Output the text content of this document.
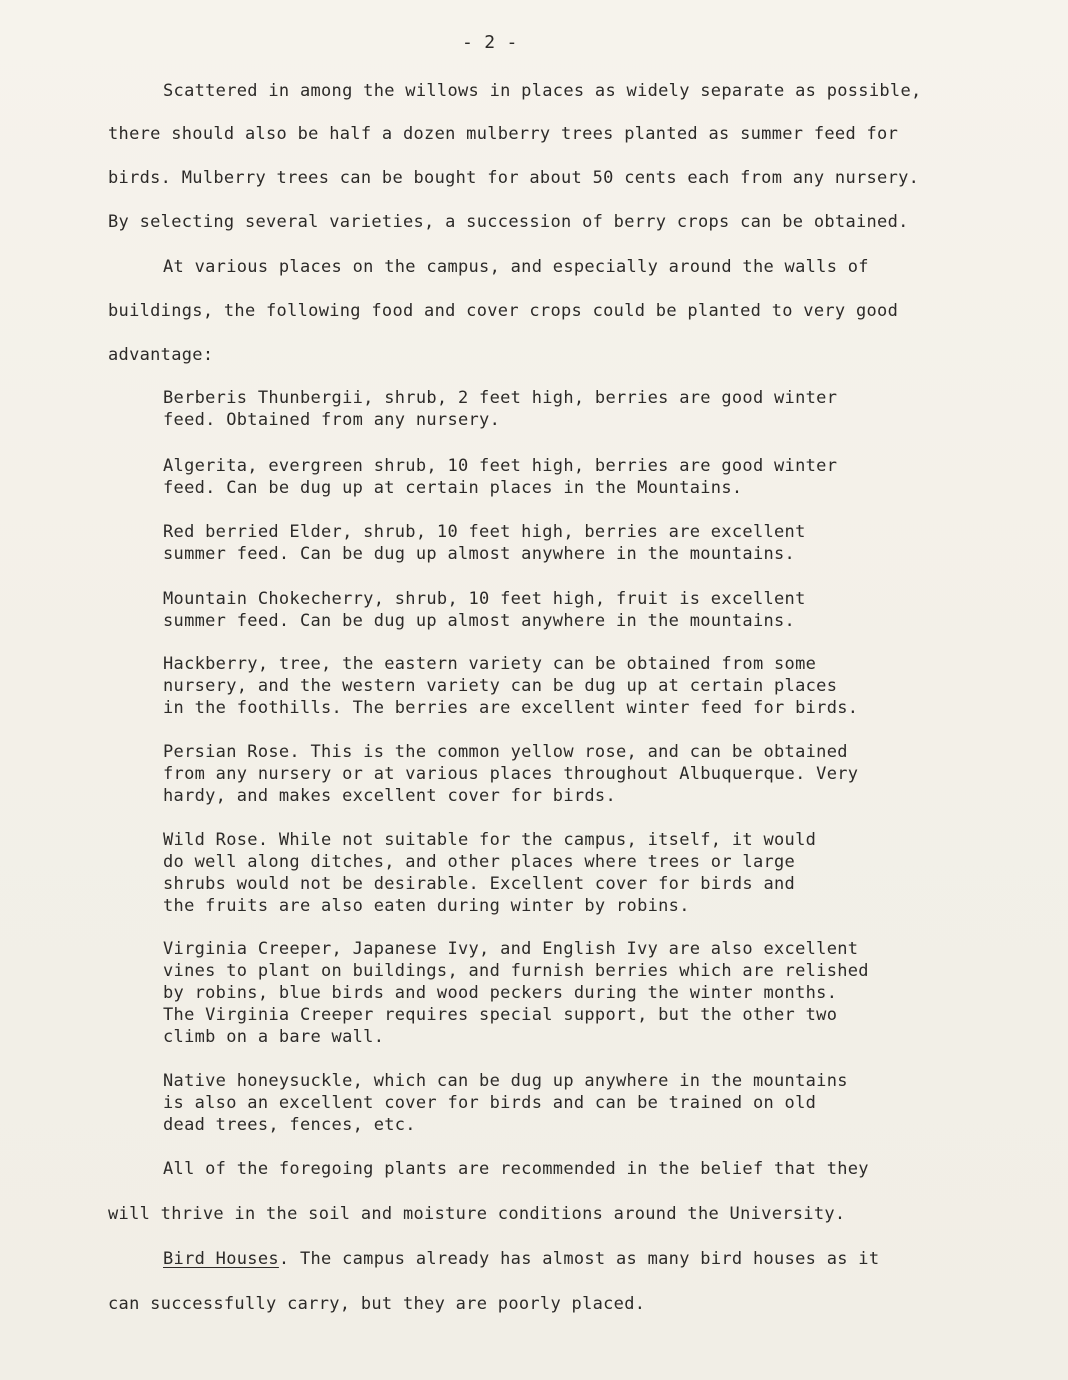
- 2 -
Scattered in among the willows in places as widely separate as possible,
there should also be half a dozen mulberry trees planted as summer feed for
birds. Mulberry trees can be bought for about 50 cents each from any nursery.
By selecting several varieties, a succession of berry crops can be obtained.
At various places on the campus, and especially around the walls of
buildings, the following food and cover crops could be planted to very good
advantage:
Berberis Thunbergii, shrub, 2 feet high, berries are good winter
feed. Obtained from any nursery.
Algerita, evergreen shrub, 10 feet high, berries are good winter
feed. Can be dug up at certain places in the Mountains.
Red berried Elder, shrub, 10 feet high, berries are excellent
summer feed. Can be dug up almost anywhere in the mountains.
Mountain Chokecherry, shrub, 10 feet high, fruit is excellent
summer feed. Can be dug up almost anywhere in the mountains.
Hackberry, tree, the eastern variety can be obtained from some
nursery, and the western variety can be dug up at certain places
in the foothills. The berries are excellent winter feed for birds.
Persian Rose. This is the common yellow rose, and can be obtained
from any nursery or at various places throughout Albuquerque. Very
hardy, and makes excellent cover for birds.
Wild Rose. While not suitable for the campus, itself, it would
do well along ditches, and other places where trees or large
shrubs would not be desirable. Excellent cover for birds and
the fruits are also eaten during winter by robins.
Virginia Creeper, Japanese Ivy, and English Ivy are also excellent
vines to plant on buildings, and furnish berries which are relished
by robins, blue birds and wood peckers during the winter months.
The Virginia Creeper requires special support, but the other two
climb on a bare wall.
Native honeysuckle, which can be dug up anywhere in the mountains
is also an excellent cover for birds and can be trained on old
dead trees, fences, etc.
All of the foregoing plants are recommended in the belief that they
will thrive in the soil and moisture conditions around the University.
Bird Houses. The campus already has almost as many bird houses as it
can successfully carry, but they are poorly placed.
